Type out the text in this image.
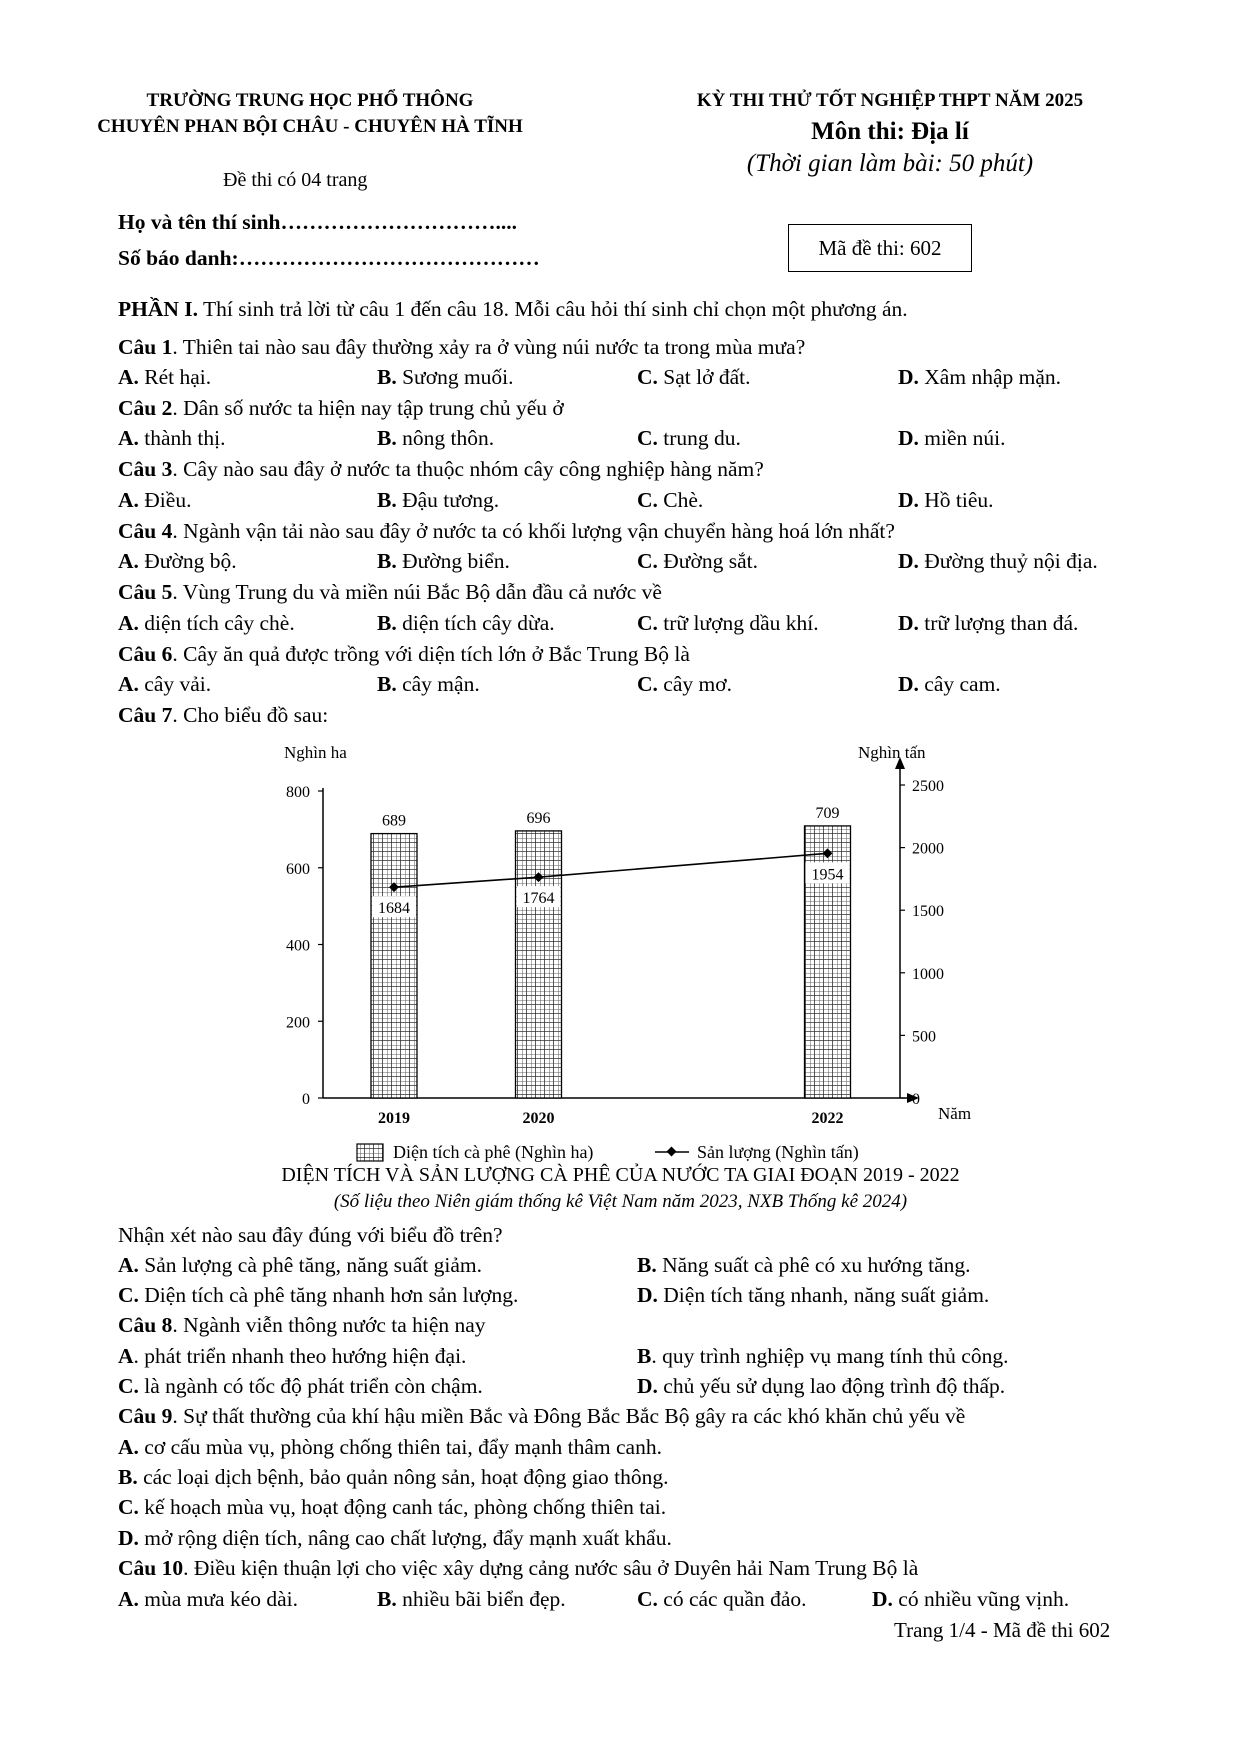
TRƯỜNG TRUNG HỌC PHỔ THÔNG
CHUYÊN PHAN BỘI CHÂU - CHUYÊN HÀ TĨNH
Đề thi có 04 trang
KỲ THI THỬ TỐT NGHIỆP THPT NĂM 2025
Môn thi: Địa lí
(Thời gian làm bài: 50 phút)
Họ và tên thí sinh…………………………....
Số báo danh:……………………………………	Mã đề thi: 602
PHẦN I. Thí sinh trả lời từ câu 1 đến câu 18. Mỗi câu hỏi thí sinh chỉ chọn một phương án.
Câu 1. Thiên tai nào sau đây thường xảy ra ở vùng núi nước ta trong mùa mưa?
A. Rét hại.	B. Sương muối.	C. Sạt lở đất.	D. Xâm nhập mặn.
Câu 2. Dân số nước ta hiện nay tập trung chủ yếu ở
A. thành thị.	B. nông thôn.	C. trung du.	D. miền núi.
Câu 3. Cây nào sau đây ở nước ta thuộc nhóm cây công nghiệp hàng năm?
A. Điều.	B. Đậu tương.	C. Chè.	D. Hồ tiêu.
Câu 4. Ngành vận tải nào sau đây ở nước ta có khối lượng vận chuyển hàng hoá lớn nhất?
A. Đường bộ.	B. Đường biển.	C. Đường sắt.	D. Đường thuỷ nội địa.
Câu 5. Vùng Trung du và miền núi Bắc Bộ dẫn đầu cả nước về
A. diện tích cây chè.	B. diện tích cây dừa.	C. trữ lượng dầu khí.	D. trữ lượng than đá.
Câu 6. Cây ăn quả được trồng với diện tích lớn ở Bắc Trung Bộ là
A. cây vải.	B. cây mận.	C. cây mơ.	D. cây cam.
Câu 7. Cho biểu đồ sau:
0
200
400
600
800
0
500
1000
1500
2000
2500
689
2019
696
2020
709
2022
1684
1764
1954
Nghìn ha	Nghìn tấn
Năm
Diện tích cà phê (Nghìn ha)	Sản lượng (Nghìn tấn)
DIỆN TÍCH VÀ SẢN LƯỢNG CÀ PHÊ CỦA NƯỚC TA GIAI ĐOẠN 2019 - 2022
(Số liệu theo Niên giám thống kê Việt Nam năm 2023, NXB Thống kê 2024)
Nhận xét nào sau đây đúng với biểu đồ trên?
A. Sản lượng cà phê tăng, năng suất giảm.	B. Năng suất cà phê có xu hướng tăng.
C. Diện tích cà phê tăng nhanh hơn sản lượng.	D. Diện tích tăng nhanh, năng suất giảm.
Câu 8. Ngành viễn thông nước ta hiện nay
A. phát triển nhanh theo hướng hiện đại.	B. quy trình nghiệp vụ mang tính thủ công.
C. là ngành có tốc độ phát triển còn chậm.	D. chủ yếu sử dụng lao động trình độ thấp.
Câu 9. Sự thất thường của khí hậu miền Bắc và Đông Bắc Bắc Bộ gây ra các khó khăn chủ yếu về
A. cơ cấu mùa vụ, phòng chống thiên tai, đẩy mạnh thâm canh.
B. các loại dịch bệnh, bảo quản nông sản, hoạt động giao thông.
C. kế hoạch mùa vụ, hoạt động canh tác, phòng chống thiên tai.
D. mở rộng diện tích, nâng cao chất lượng, đẩy mạnh xuất khẩu.
Câu 10. Điều kiện thuận lợi cho việc xây dựng cảng nước sâu ở Duyên hải Nam Trung Bộ là
A. mùa mưa kéo dài.	B. nhiều bãi biển đẹp.	C. có các quần đảo.	D. có nhiều vũng vịnh.
Trang 1/4 - Mã đề thi 602
